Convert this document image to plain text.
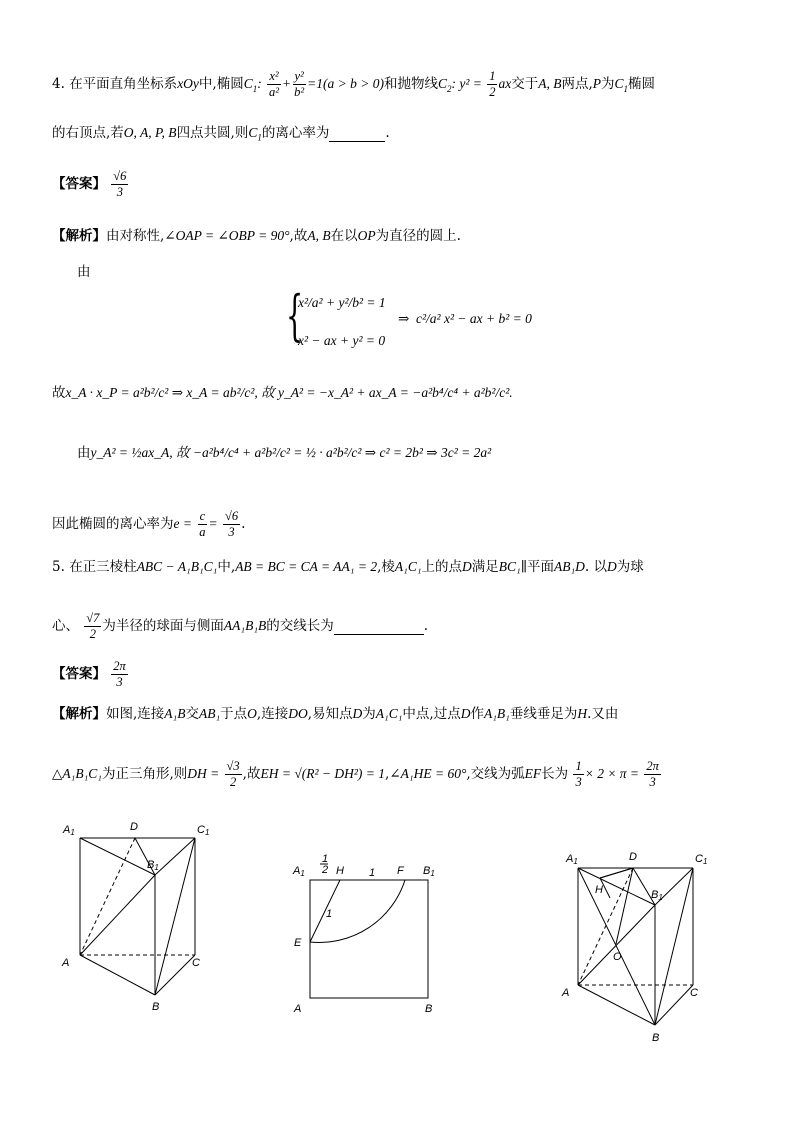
4. 在平面直角坐标系xOy中,椭圆$C_1$: $\frac{\text{x²}}{\text{a²}} + \frac{\text{y²}}{\text{b²}} =1(a > b > 0)$和抛物线$C_2$: $y^2 = \frac{1}{2}$ ax交于A, B两点,P为$C_1$椭圆
的右顶点,若O, A, P, B四点共圆,则$C_1$的离心率为	.
【答案】 $\frac{√6}{3}$
【解析】由对称性,∠OAP = ∠OBP = 90°,故A, B在以OP为直径的圆上.
由
{
x²/a² + y²/b² = 1
x² − ax + y² = 0
⇒ c²/a² x² − ax + b² = 0
故x_A · x_P = a²b²/c² ⇒ x_A = ab²/c², 故 y_A² = −x_A² + ax_A = −a²b⁴/c⁴ + a²b²/c².
由y_A² = ½ax_A, 故 −a²b⁴/c⁴ + a²b²/c² = ½ · a²b²/c² ⇒ c² = 2b² ⇒ 3c² = 2a²
因此椭圆的离心率为$e = \frac{c}{a} = \frac{√6}{3}$ .
5. 在正三棱柱ABC − A₁B₁C₁中,AB = BC = CA = AA₁ = 2,棱A₁C₁上的点D满足BC₁∥平面AB₁D. 以D为球
心、 $\frac{√7}{2}$ 为半径的球面与侧面AA₁B₁B的交线长为	.
【答案】 $\frac{2\pi}{3}$
【解析】如图,连接A₁B交AB₁于点O,连接DO,易知点D为A₁C₁中点,过点D作A₁B₁垂线垂足为H.又由
△A₁B₁C₁为正三角形,则DH = $\frac{√3}{2}$ ,故EH = √(R² − DH²) = 1,∠A₁HE = 60°,交线为弧EF长为 $\frac{1}{3} \times 2 \times \pi = \frac{2\pi}{3}$
A1	D	C1
B1
A	C
B
A1
1
2 H 1 F B1
1
E
A	B
A1	D	C1
H	B1
O
A	C
B
